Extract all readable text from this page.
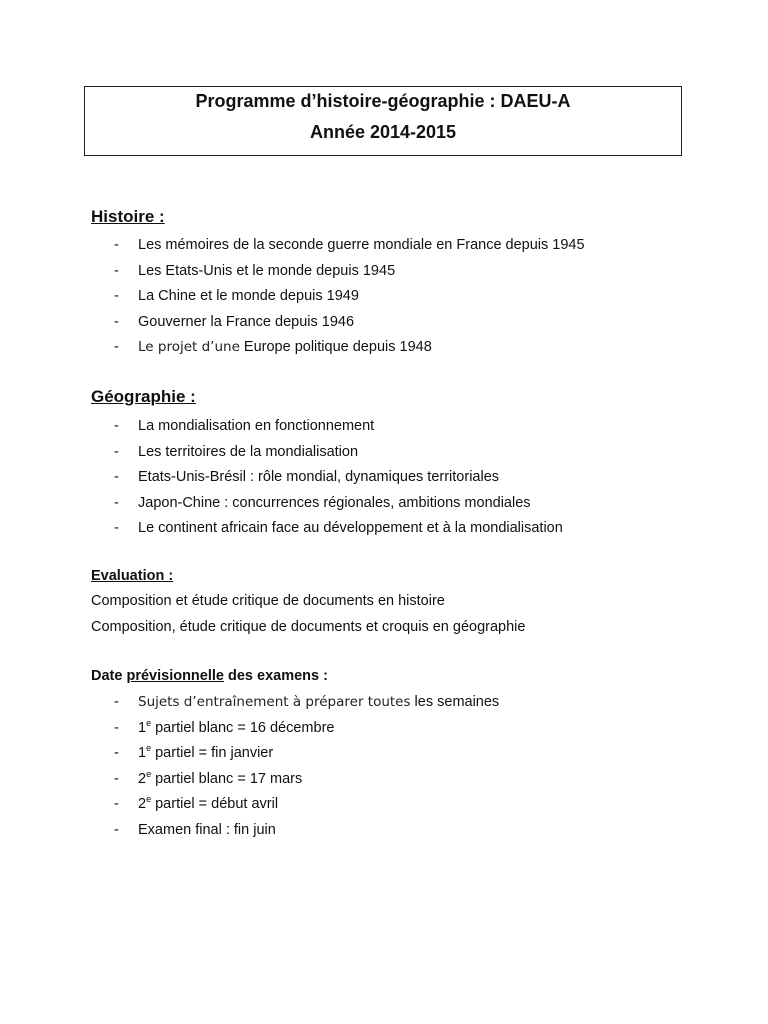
Programme d’histoire-géographie : DAEU-A
Année 2014-2015
Histoire :
- Les mémoires de la seconde guerre mondiale en France depuis 1945
- Les Etats-Unis et le monde depuis 1945
- La Chine et le monde depuis 1949
- Gouverner la France depuis 1946
- Le projet d’une Europe politique depuis 1948
Géographie :
- La mondialisation en fonctionnement
- Les territoires de la mondialisation
- Etats-Unis-Brésil : rôle mondial, dynamiques territoriales
- Japon-Chine : concurrences régionales, ambitions mondiales
- Le continent africain face au développement et à la mondialisation
Evaluation :
Composition et étude critique de documents en histoire
Composition, étude critique de documents et croquis en géographie
Date prévisionnelle des examens :
- Sujets d’entraînement à préparer toutes les semaines
- 1e partiel blanc = 16 décembre
- 1e partiel = fin janvier
- 2e partiel blanc = 17 mars
- 2e partiel = début avril
- Examen final : fin juin
